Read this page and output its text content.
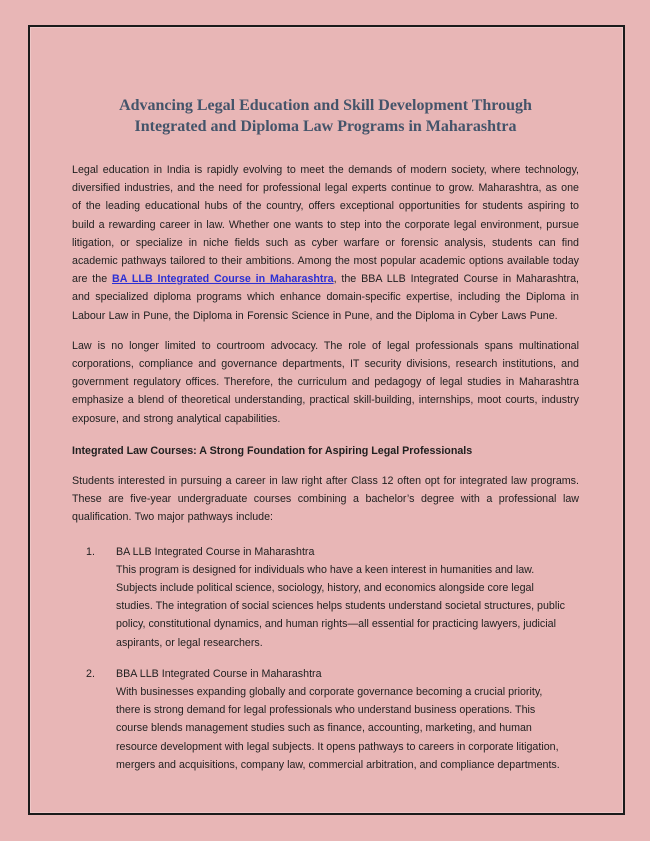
Advancing Legal Education and Skill Development Through Integrated and Diploma Law Programs in Maharashtra

Legal education in India is rapidly evolving to meet the demands of modern society, where technology, diversified industries, and the need for professional legal experts continue to grow. Maharashtra, as one of the leading educational hubs of the country, offers exceptional opportunities for students aspiring to build a rewarding career in law. Whether one wants to step into the corporate legal environment, pursue litigation, or specialize in niche fields such as cyber warfare or forensic analysis, students can find academic pathways tailored to their ambitions. Among the most popular academic options available today are the BA LLB Integrated Course in Maharashtra, the BBA LLB Integrated Course in Maharashtra, and specialized diploma programs which enhance domain-specific expertise, including the Diploma in Labour Law in Pune, the Diploma in Forensic Science in Pune, and the Diploma in Cyber Laws Pune.

Law is no longer limited to courtroom advocacy. The role of legal professionals spans multinational corporations, compliance and governance departments, IT security divisions, research institutions, and government regulatory offices. Therefore, the curriculum and pedagogy of legal studies in Maharashtra emphasize a blend of theoretical understanding, practical skill-building, internships, moot courts, industry exposure, and strong analytical capabilities.

Integrated Law Courses: A Strong Foundation for Aspiring Legal Professionals

Students interested in pursuing a career in law right after Class 12 often opt for integrated law programs. These are five-year undergraduate courses combining a bachelor’s degree with a professional law qualification. Two major pathways include:

1.	BA LLB Integrated Course in Maharashtra
This program is designed for individuals who have a keen interest in humanities and law. Subjects include political science, sociology, history, and economics alongside core legal studies. The integration of social sciences helps students understand societal structures, public policy, constitutional dynamics, and human rights—all essential for practicing lawyers, judicial aspirants, or legal researchers.
2.	BBA LLB Integrated Course in Maharashtra
With businesses expanding globally and corporate governance becoming a crucial priority, there is strong demand for legal professionals who understand business operations. This course blends management studies such as finance, accounting, marketing, and human resource development with legal subjects. It opens pathways to careers in corporate litigation, mergers and acquisitions, company law, commercial arbitration, and compliance departments.
